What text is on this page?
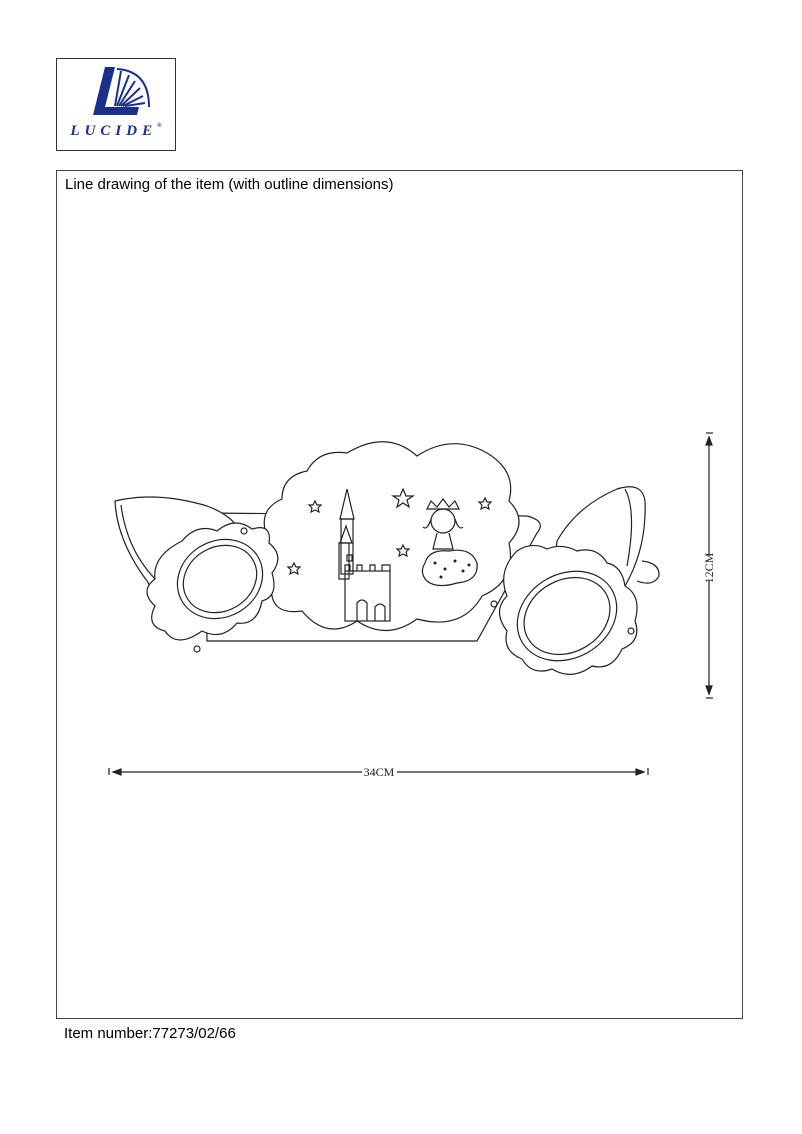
LUCIDE®
Line drawing of the item (with outline dimensions)
34CM
12CM
Item number:77273/02/66
